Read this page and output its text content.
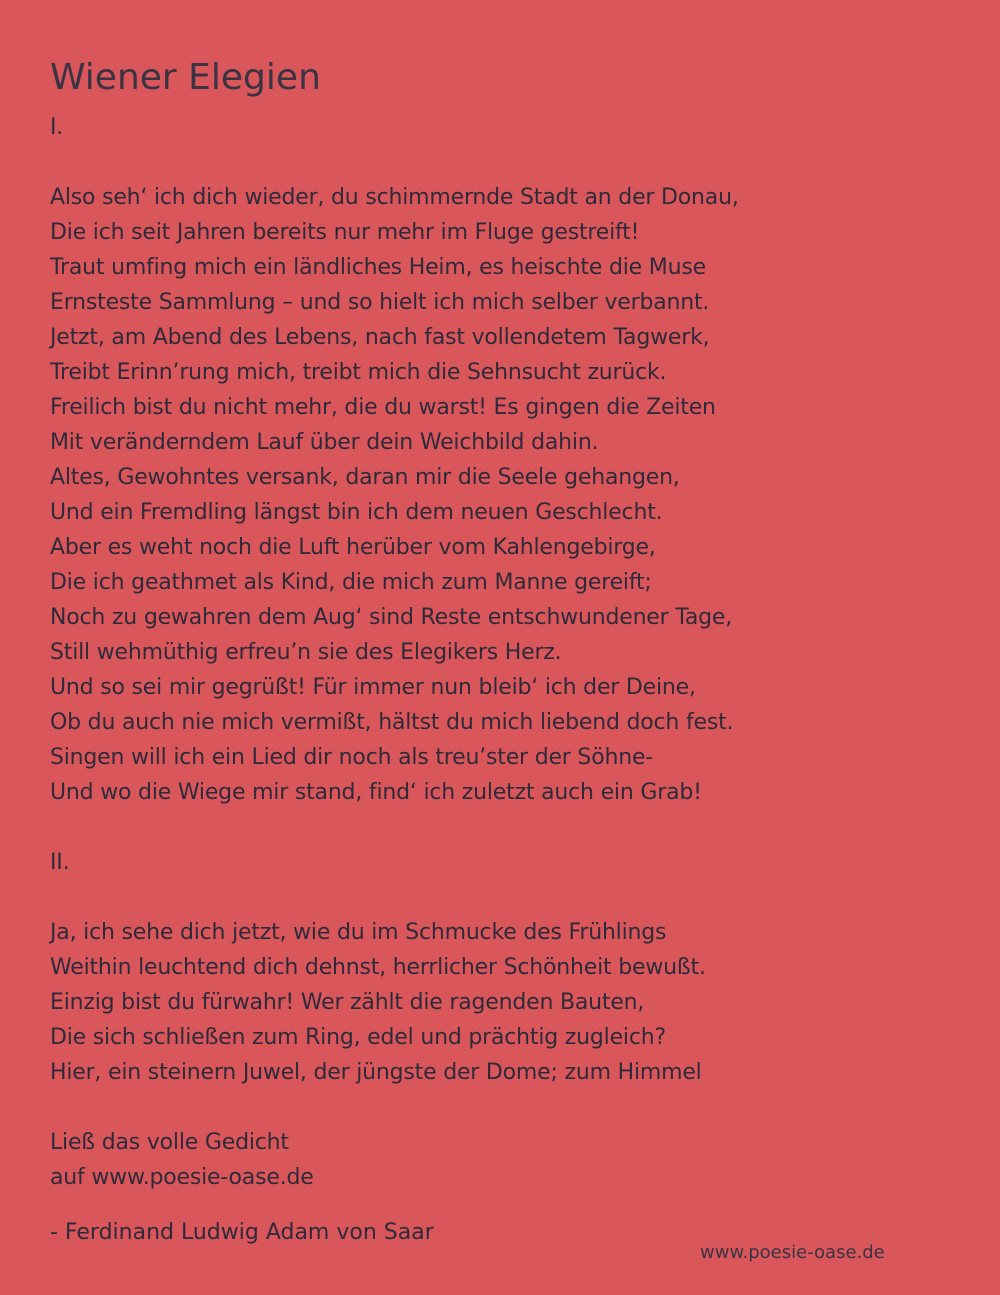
Wiener Elegien
I.
Also seh‘ ich dich wieder, du schimmernde Stadt an der Donau,
Die ich seit Jahren bereits nur mehr im Fluge gestreift!
Traut umfing mich ein ländliches Heim, es heischte die Muse
Ernsteste Sammlung – und so hielt ich mich selber verbannt.
Jetzt, am Abend des Lebens, nach fast vollendetem Tagwerk,
Treibt Erinn’rung mich, treibt mich die Sehnsucht zurück.
Freilich bist du nicht mehr, die du warst! Es gingen die Zeiten
Mit veränderndem Lauf über dein Weichbild dahin.
Altes, Gewohntes versank, daran mir die Seele gehangen,
Und ein Fremdling längst bin ich dem neuen Geschlecht.
Aber es weht noch die Luft herüber vom Kahlengebirge,
Die ich geathmet als Kind, die mich zum Manne gereift;
Noch zu gewahren dem Aug‘ sind Reste entschwundener Tage,
Still wehmüthig erfreu’n sie des Elegikers Herz.
Und so sei mir gegrüßt! Für immer nun bleib‘ ich der Deine,
Ob du auch nie mich vermißt, hältst du mich liebend doch fest.
Singen will ich ein Lied dir noch als treu’ster der Söhne-
Und wo die Wiege mir stand, find‘ ich zuletzt auch ein Grab!
II.
Ja, ich sehe dich jetzt, wie du im Schmucke des Frühlings
Weithin leuchtend dich dehnst, herrlicher Schönheit bewußt.
Einzig bist du fürwahr! Wer zählt die ragenden Bauten,
Die sich schließen zum Ring, edel und prächtig zugleich?
Hier, ein steinern Juwel, der jüngste der Dome; zum Himmel
Ließ das volle Gedicht
auf www.poesie-oase.de
- Ferdinand Ludwig Adam von Saar
www.poesie-oase.de
